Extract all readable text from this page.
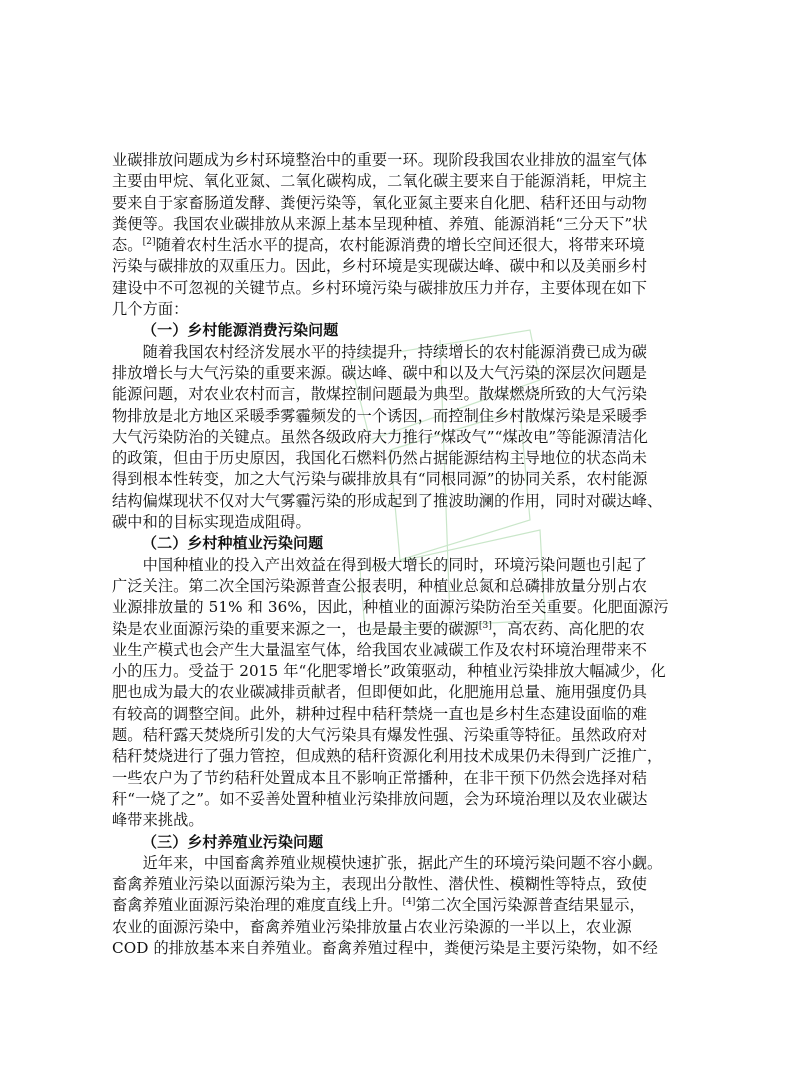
业碳排放问题成为乡村环境整治中的重要一环。现阶段我国农业排放的温室气体
主要由甲烷、氧化亚氮、二氧化碳构成，二氧化碳主要来自于能源消耗，甲烷主
要来自于家畜肠道发酵、粪便污染等，氧化亚氮主要来自化肥、秸秆还田与动物
粪便等。我国农业碳排放从来源上基本呈现种植、养殖、能源消耗“三分天下”状
态。[2]随着农村生活水平的提高，农村能源消费的增长空间还很大，将带来环境
污染与碳排放的双重压力。因此，乡村环境是实现碳达峰、碳中和以及美丽乡村
建设中不可忽视的关键节点。乡村环境污染与碳排放压力并存，主要体现在如下
几个方面：
（一）乡村能源消费污染问题
　　随着我国农村经济发展水平的持续提升，持续增长的农村能源消费已成为碳
排放增长与大气污染的重要来源。碳达峰、碳中和以及大气污染的深层次问题是
能源问题，对农业农村而言，散煤控制问题最为典型。散煤燃烧所致的大气污染
物排放是北方地区采暖季雾霾频发的一个诱因，而控制住乡村散煤污染是采暖季
大气污染防治的关键点。虽然各级政府大力推行“煤改气”“煤改电”等能源清洁化
的政策，但由于历史原因，我国化石燃料仍然占据能源结构主导地位的状态尚未
得到根本性转变，加之大气污染与碳排放具有“同根同源”的协同关系，农村能源
结构偏煤现状不仅对大气雾霾污染的形成起到了推波助澜的作用，同时对碳达峰、
碳中和的目标实现造成阻碍。
（二）乡村种植业污染问题
　　中国种植业的投入产出效益在得到极大增长的同时，环境污染问题也引起了
广泛关注。第二次全国污染源普查公报表明，种植业总氮和总磷排放量分别占农
业源排放量的 51% 和 36%，因此，种植业的面源污染防治至关重要。化肥面源污
染是农业面源污染的重要来源之一，也是最主要的碳源[3]，高农药、高化肥的农
业生产模式也会产生大量温室气体，给我国农业减碳工作及农村环境治理带来不
小的压力。受益于 2015 年“化肥零增长”政策驱动，种植业污染排放大幅减少，化
肥也成为最大的农业碳减排贡献者，但即便如此，化肥施用总量、施用强度仍具
有较高的调整空间。此外，耕种过程中秸秆禁烧一直也是乡村生态建设面临的难
题。秸秆露天焚烧所引发的大气污染具有爆发性强、污染重等特征。虽然政府对
秸秆焚烧进行了强力管控，但成熟的秸秆资源化利用技术成果仍未得到广泛推广，
一些农户为了节约秸秆处置成本且不影响正常播种，在非干预下仍然会选择对秸
秆“一烧了之”。如不妥善处置种植业污染排放问题，会为环境治理以及农业碳达
峰带来挑战。
（三）乡村养殖业污染问题
　　近年来，中国畜禽养殖业规模快速扩张，据此产生的环境污染问题不容小觑。
畜禽养殖业污染以面源污染为主，表现出分散性、潜伏性、模糊性等特点，致使
畜禽养殖业面源污染治理的难度直线上升。[4]第二次全国污染源普查结果显示，
农业的面源污染中，畜禽养殖业污染排放量占农业污染源的一半以上，农业源
COD 的排放基本来自养殖业。畜禽养殖过程中，粪便污染是主要污染物，如不经
